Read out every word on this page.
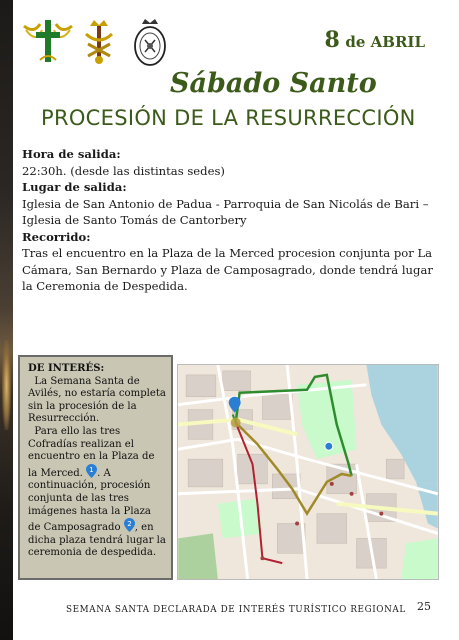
8 de ABRIL
Sábado Santo
PROCESIÓN DE LA RESURRECCIÓN
Hora de salida:
22:30h. (desde las distintas sedes)
Lugar de salida:
Iglesia de San Antonio de Padua - Parroquia de San Nicolás de Bari – Iglesia de Santo Tomás de Cantorbery
Recorrido:
Tras el encuentro en la Plaza de la Merced procesion conjunta por La Cámara, San Bernardo y Plaza de Camposagrado, donde tendrá lugar la Ceremonia de Despedida.
DE INTERÉS:
La Semana Santa de Avilés, no estaría completa sin la procesión de la Resurrección.
Para ello las tres Cofradías realizan el encuentro en la Plaza de la Merced. 1 . A continuación, procesión conjunta de las tres imágenes hasta la Plaza de Camposagrado 2 , en dicha plaza tendrá lugar la ceremonia de despedida.
SEMANA SANTA DECLARADA DE INTERÉS TURÍSTICO REGIONAL 25
